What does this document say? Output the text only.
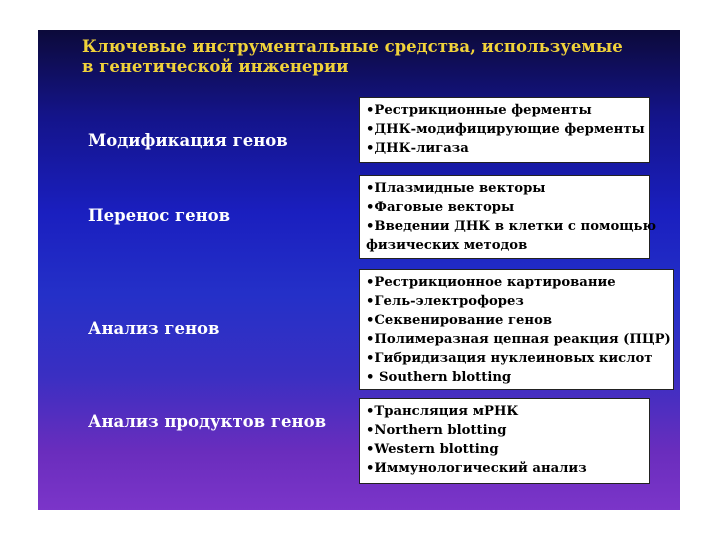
Ключевые инструментальные средства, используемые
в генетической инженерии
Модификация генов
•Рестрикционные ферменты
•ДНК-модифицирующие ферменты
•ДНК-лигаза
Перенос генов
•Плазмидные векторы
•Фаговые векторы
•Введении ДНК в клетки с помощью
физических методов
Анализ генов
•Рестрикционное картирование
•Гель-электрофорез
•Секвенирование генов
•Полимеразная цепная реакция (ПЦР)
•Гибридизация нуклеиновых кислот
• Southern blotting
Анализ продуктов генов
•Трансляция мРНК
•Northern blotting
•Western blotting
•Иммунологический анализ
